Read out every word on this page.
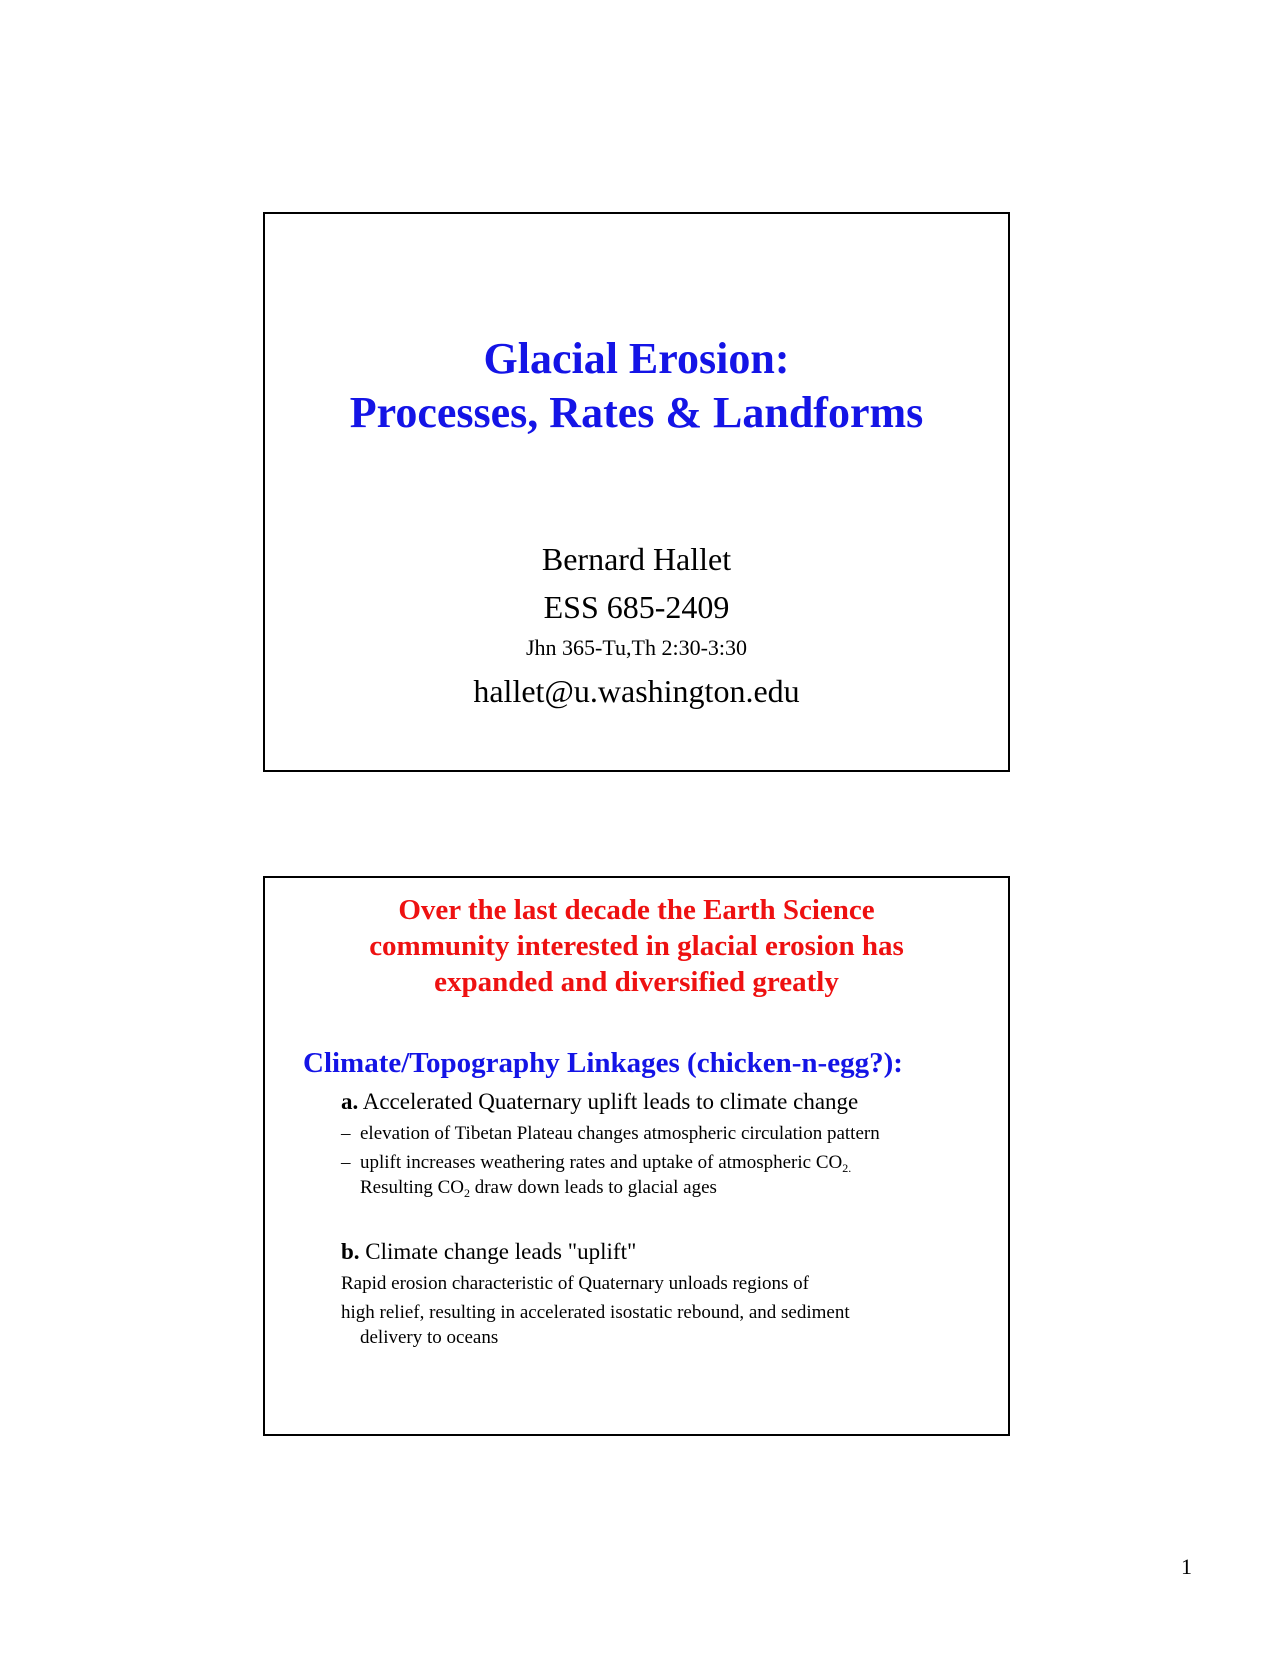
Glacial Erosion:
Processes, Rates & Landforms
Bernard Hallet
ESS 685-2409
Jhn 365-Tu,Th 2:30-3:30
hallet@u.washington.edu
Over the last decade the Earth Science
community interested in glacial erosion has
expanded and diversified greatly
Climate/Topography Linkages (chicken-n-egg?):
a. Accelerated Quaternary uplift leads to climate change
– elevation of Tibetan Plateau changes atmospheric circulation pattern
– uplift increases weathering rates and uptake of atmospheric $CO_{2.}$
Resulting $CO_2$ draw down leads to glacial ages
b. Climate change leads "uplift"
Rapid erosion characteristic of Quaternary unloads regions of
high relief, resulting in accelerated isostatic rebound, and sediment
delivery to oceans
1
